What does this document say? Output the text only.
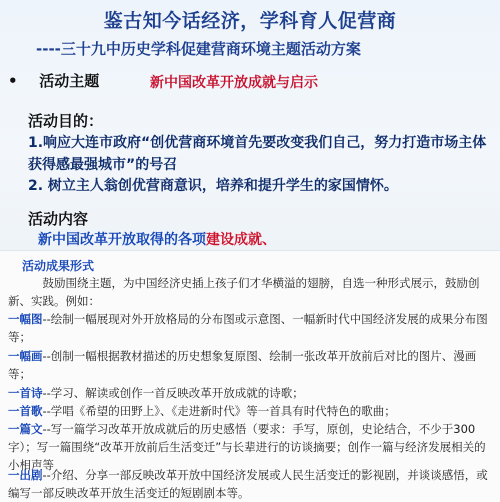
鉴古知今话经济，学科育人促营商
----三十九中历史学科促建营商环境主题活动方案
• 活动主题	新中国改革开放成就与启示
活动目的：
1.响应大连市政府“创优营商环境首先要改变我们自己，努力打造市场主体获得感最强城市”的号召
2. 树立主人翁创优营商意识，培养和提升学生的家国情怀。
活动内容
新中国改革开放取得的各项建设成就、
活动成果形式
鼓励围绕主题，为中国经济史插上孩子们才华横溢的翅膀，自选一种形式展示，鼓励创新、实践。例如：
一幅图--绘制一幅展现对外开放格局的分布图或示意图、一幅新时代中国经济发展的成果分布图等；
一幅画--创制一幅根据教材描述的历史想象复原图、绘制一张改革开放前后对比的图片、漫画等；
一首诗--学习、解读或创作一首反映改革开放成就的诗歌；
一首歌--学唱《希望的田野上》、《走进新时代》等一首具有时代特色的歌曲；
一篇文--写一篇学习改革开放成就后的历史感悟（要求：手写，原创，史论结合，不少于300字）；写一篇围绕“改革开放前后生活变迁”与长辈进行的访谈摘要；创作一篇与经济发展相关的小相声等
一出剧--介绍、分享一部反映改革开放中国经济发展或人民生活变迁的影视剧，并谈谈感悟，或编写一部反映改革开放生活变迁的短剧剧本等。
